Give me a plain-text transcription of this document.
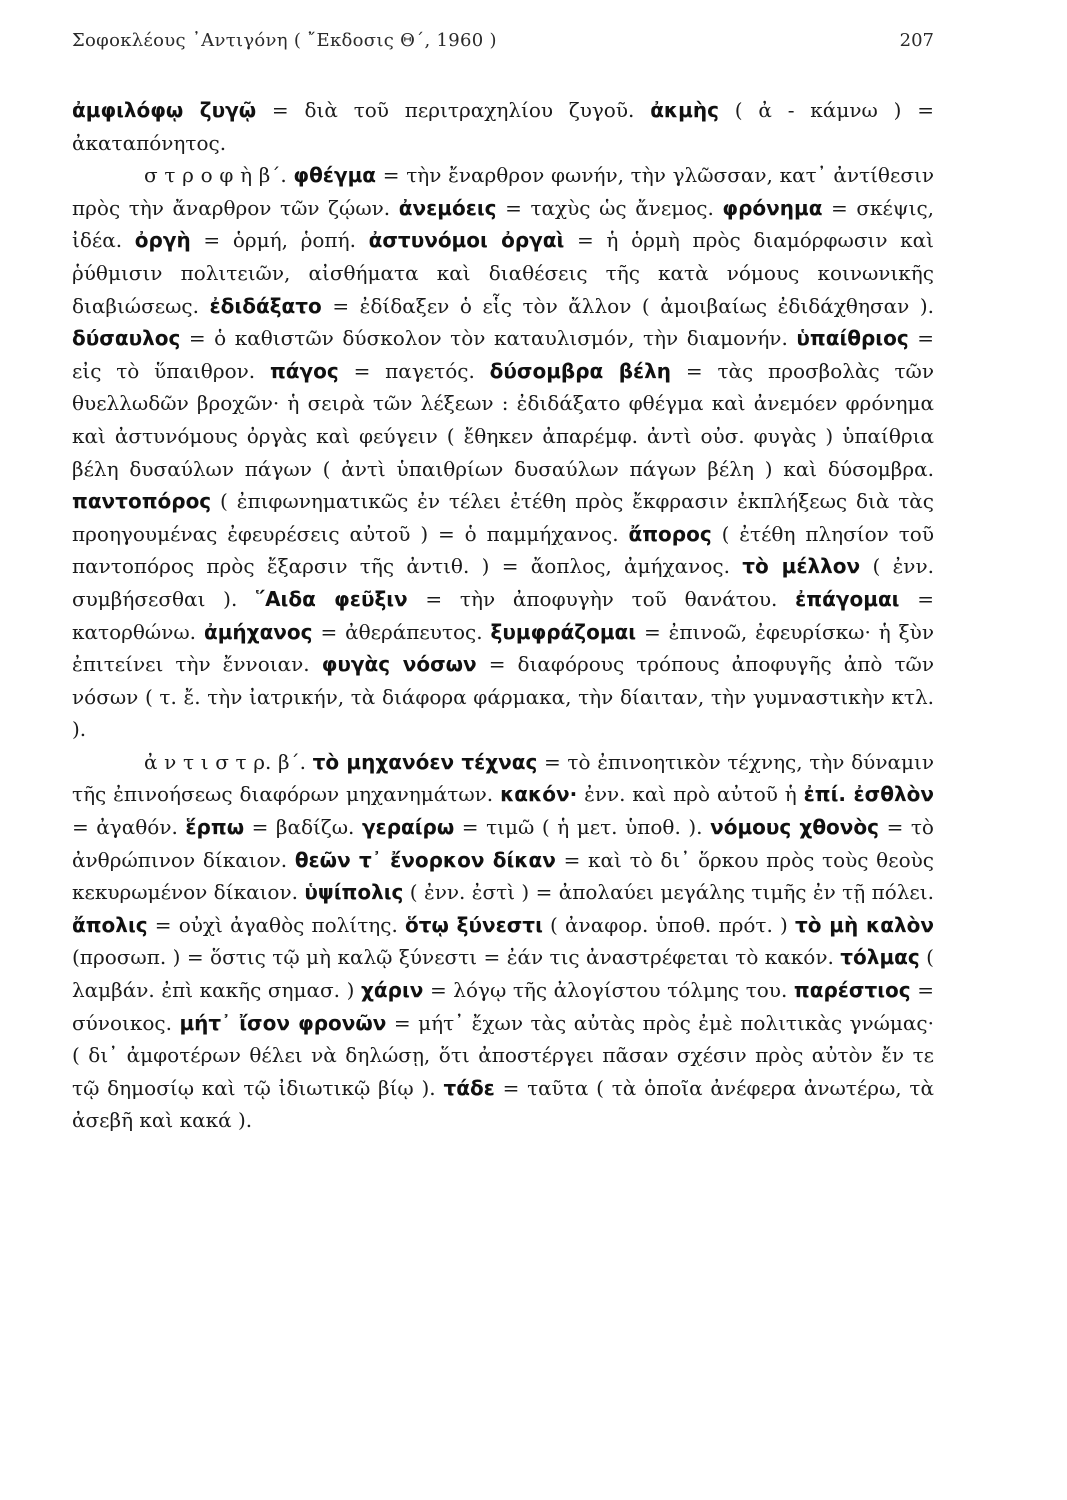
Σοφοκλέους ᾿Αντιγόνη ( ῎Εκδοσις Θ΄, 1960 )	207

ἀμφιλόφῳ ζυγῷ = διὰ τοῦ περιτραχηλίου ζυγοῦ. ἀκμὴς ( ἀ - κάμνω ) = ἀκαταπόνητος.

σ τ ρ ο φ ὴ β΄. φθέγμα = τὴν ἔναρθρον φωνήν, τὴν γλῶσσαν, κατ᾿ ἀντίθεσιν πρὸς τὴν ἄναρθρον τῶν ζῴων. ἀνεμόεις = ταχὺς ὡς ἄνεμος. φρόνημα = σκέψις, ἰδέα. ὀργὴ = ὁρμή, ῥοπή. ἀστυνόμοι ὀργαὶ = ἡ ὁρμὴ πρὸς διαμόρφωσιν καὶ ῥύθμισιν πολιτειῶν, αἰσθήματα καὶ διαθέσεις τῆς κατὰ νόμους κοινωνικῆς διαβιώσεως. ἐδιδάξατο = ἐδίδαξεν ὁ εἷς τὸν ἄλλον ( ἀμοιβαίως ἐδιδάχθησαν ). δύσαυλος = ὁ καθιστῶν δύσκολον τὸν καταυλισμόν, τὴν διαμονήν. ὑπαίθριος = εἰς τὸ ὕπαιθρον. πάγος = παγετός. δύσομβρα βέλη = τὰς προσβολὰς τῶν θυελλωδῶν βροχῶν· ἡ σειρὰ τῶν λέξεων : ἐδιδάξατο φθέγμα καὶ ἀνεμόεν φρόνημα καὶ ἀστυνόμους ὀργὰς καὶ φεύγειν ( ἔθηκεν ἀπαρέμφ. ἀντὶ οὐσ. φυγὰς ) ὑπαίθρια βέλη δυσαύλων πάγων ( ἀντὶ ὑπαιθρίων δυσαύλων πάγων βέλη ) καὶ δύσομβρα. παντοπόρος ( ἐπιφωνηματικῶς ἐν τέλει ἐτέθη πρὸς ἔκφρασιν ἐκπλήξεως διὰ τὰς προηγουμένας ἐφευρέσεις αὐτοῦ ) = ὁ παμμήχανος. ἄπορος ( ἐτέθη πλησίον τοῦ παντοπόρος πρὸς ἔξαρσιν τῆς ἀντιθ. ) = ἄοπλος, ἀμήχανος. τὸ μέλλον ( ἐνν. συμβήσεσθαι ). ῞Αιδα φεῦξιν = τὴν ἀποφυγὴν τοῦ θανάτου. ἐπάγομαι = κατορθώνω. ἀμήχανος = ἀθεράπευτος. ξυμφράζομαι = ἐπινοῶ, ἐφευρίσκω· ἡ ξὺν ἐπιτείνει τὴν ἔννοιαν. φυγὰς νόσων = διαφόρους τρόπους ἀποφυγῆς ἀπὸ τῶν νόσων ( τ. ἔ. τὴν ἰατρικήν, τὰ διάφορα φάρμακα, τὴν δίαιταν, τὴν γυμναστικὴν κτλ. ).

ἀ ν τ ι σ τ ρ. β΄. τὸ μηχανόεν τέχνας = τὸ ἐπινοητικὸν τέχνης, τὴν δύναμιν τῆς ἐπινοήσεως διαφόρων μηχανημάτων. κακόν· ἐνν. καὶ πρὸ αὐτοῦ ἡ ἐπί. ἐσθλὸν = ἀγαθόν. ἕρπω = βαδίζω. γεραίρω = τιμῶ ( ἡ μετ. ὑποθ. ). νόμους χθονὸς = τὸ ἀνθρώπινον δίκαιον. θεῶν τ᾿ ἔνορκον δίκαν = καὶ τὸ δι᾿ ὅρκου πρὸς τοὺς θεοὺς κεκυρωμένον δίκαιον. ὑψίπολις ( ἐνν. ἐστὶ ) = ἀπολαύει μεγάλης τιμῆς ἐν τῇ πόλει. ἄπολις = οὐχὶ ἀγαθὸς πολίτης. ὅτῳ ξύνεστι ( ἀναφορ. ὑποθ. πρότ. ) τὸ μὴ καλὸν (προσωπ. ) = ὅστις τῷ μὴ καλῷ ξύνεστι = ἐάν τις ἀναστρέφεται τὸ κακόν. τόλμας ( λαμβάν. ἐπὶ κακῆς σημασ. ) χάριν = λόγῳ τῆς ἀλογίστου τόλμης του. παρέστιος = σύνοικος. μήτ᾿ ἴσον φρονῶν = μήτ᾿ ἔχων τὰς αὐτὰς πρὸς ἐμὲ πολιτικὰς γνώμας· ( δι᾿ ἀμφοτέρων θέλει νὰ δηλώσῃ, ὅτι ἀποστέργει πᾶσαν σχέσιν πρὸς αὐτὸν ἔν τε τῷ δημοσίῳ καὶ τῷ ἰδιωτικῷ βίῳ ). τάδε = ταῦτα ( τὰ ὁποῖα ἀνέφερα ἀνωτέρω, τὰ ἀσεβῆ καὶ κακά ).
